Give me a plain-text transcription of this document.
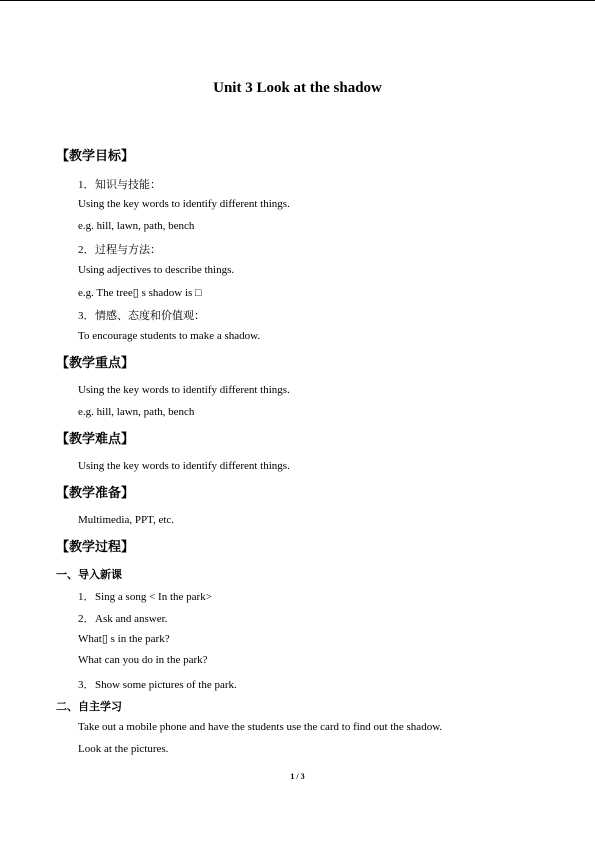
Unit 3 Look at the shadow
【教学目标】
1．知识与技能：
Using the key words to identify different things.
e.g. hill, lawn, path, bench
2．过程与方法：
Using adjectives to describe things.
e.g. The tree▯ s shadow is □
3．情感、态度和价值观：
To encourage students to make a shadow.
【教学重点】
Using the key words to identify different things.
e.g. hill, lawn, path, bench
【教学难点】
Using the key words to identify different things.
【教学准备】
Multimedia, PPT, etc.
【教学过程】
一、导入新课
1．Sing a song < In the park>
2．Ask and answer.
What▯ s in the park?
What can you do in the park?
3．Show some pictures of the park.
二、自主学习
Take out a mobile phone and have the students use the card to find out the shadow.
Look at the pictures.
1 / 3
